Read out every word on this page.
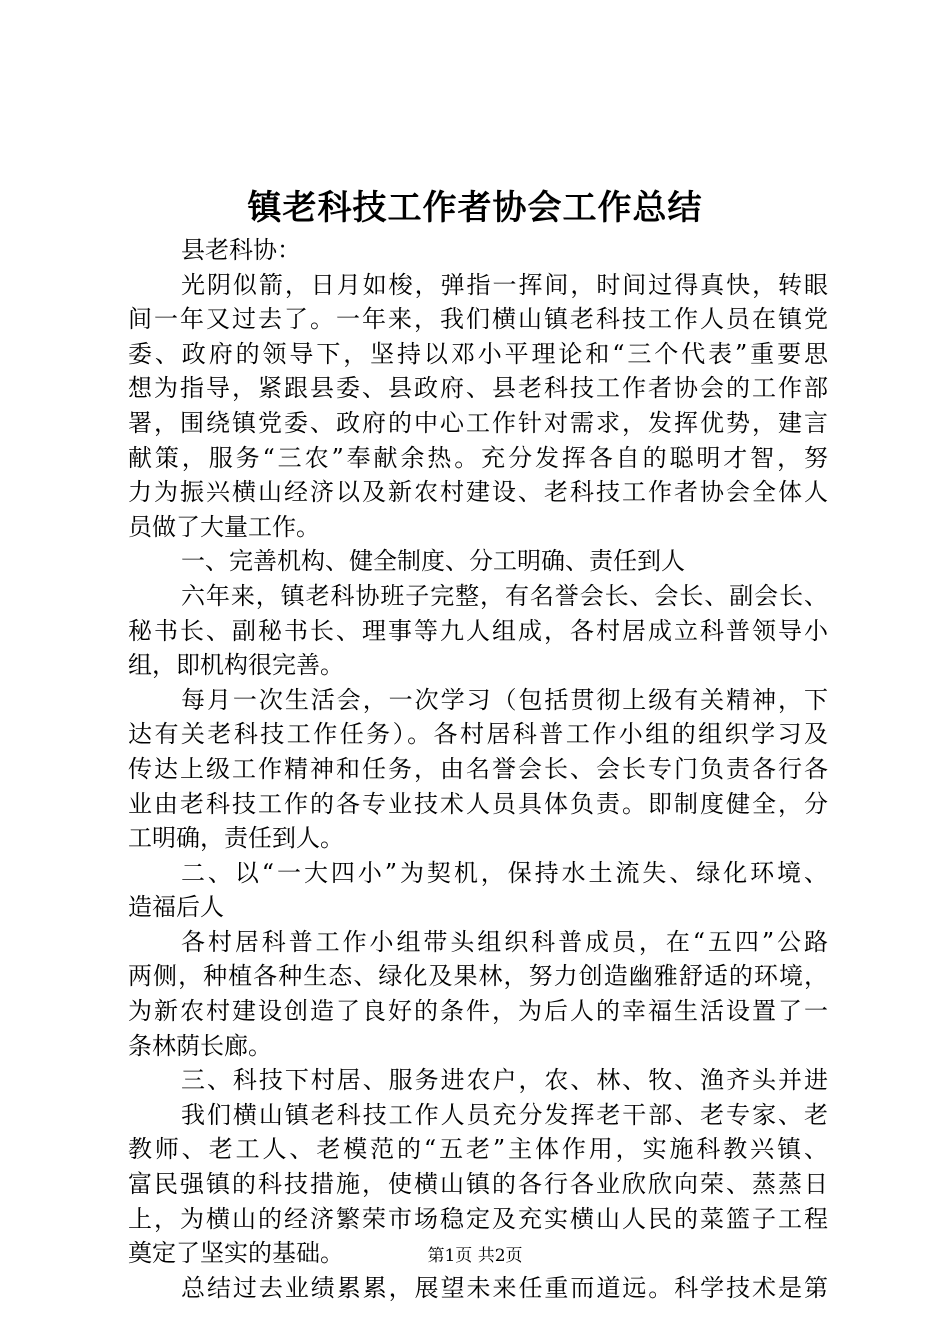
镇老科技工作者协会工作总结
县老科协：
光阴似箭，日月如梭，弹指一挥间，时间过得真快，转眼
间一年又过去了。一年来，我们横山镇老科技工作人员在镇党
委、政府的领导下，坚持以邓小平理论和“三个代表”重要思
想为指导，紧跟县委、县政府、县老科技工作者协会的工作部
署，围绕镇党委、政府的中心工作针对需求，发挥优势，建言
献策，服务“三农”奉献余热。充分发挥各自的聪明才智，努
力为振兴横山经济以及新农村建设、老科技工作者协会全体人
员做了大量工作。
一、完善机构、健全制度、分工明确、责任到人
六年来，镇老科协班子完整，有名誉会长、会长、副会长、
秘书长、副秘书长、理事等九人组成，各村居成立科普领导小
组，即机构很完善。
每月一次生活会，一次学习（包括贯彻上级有关精神，下
达有关老科技工作任务）。各村居科普工作小组的组织学习及
传达上级工作精神和任务，由名誉会长、会长专门负责各行各
业由老科技工作的各专业技术人员具体负责。即制度健全，分
工明确，责任到人。
二、以“一大四小”为契机，保持水土流失、绿化环境、
造福后人
各村居科普工作小组带头组织科普成员，在“五四”公路
两侧，种植各种生态、绿化及果林，努力创造幽雅舒适的环境，
为新农村建设创造了良好的条件，为后人的幸福生活设置了一
条林荫长廊。
三、科技下村居、服务进农户，农、林、牧、渔齐头并进
我们横山镇老科技工作人员充分发挥老干部、老专家、老
教师、老工人、老模范的“五老”主体作用，实施科教兴镇、
富民强镇的科技措施，使横山镇的各行各业欣欣向荣、蒸蒸日
上，为横山的经济繁荣市场稳定及充实横山人民的菜篮子工程
奠定了坚实的基础。
总结过去业绩累累，展望未来任重而道远。科学技术是第
第1页 共2页
